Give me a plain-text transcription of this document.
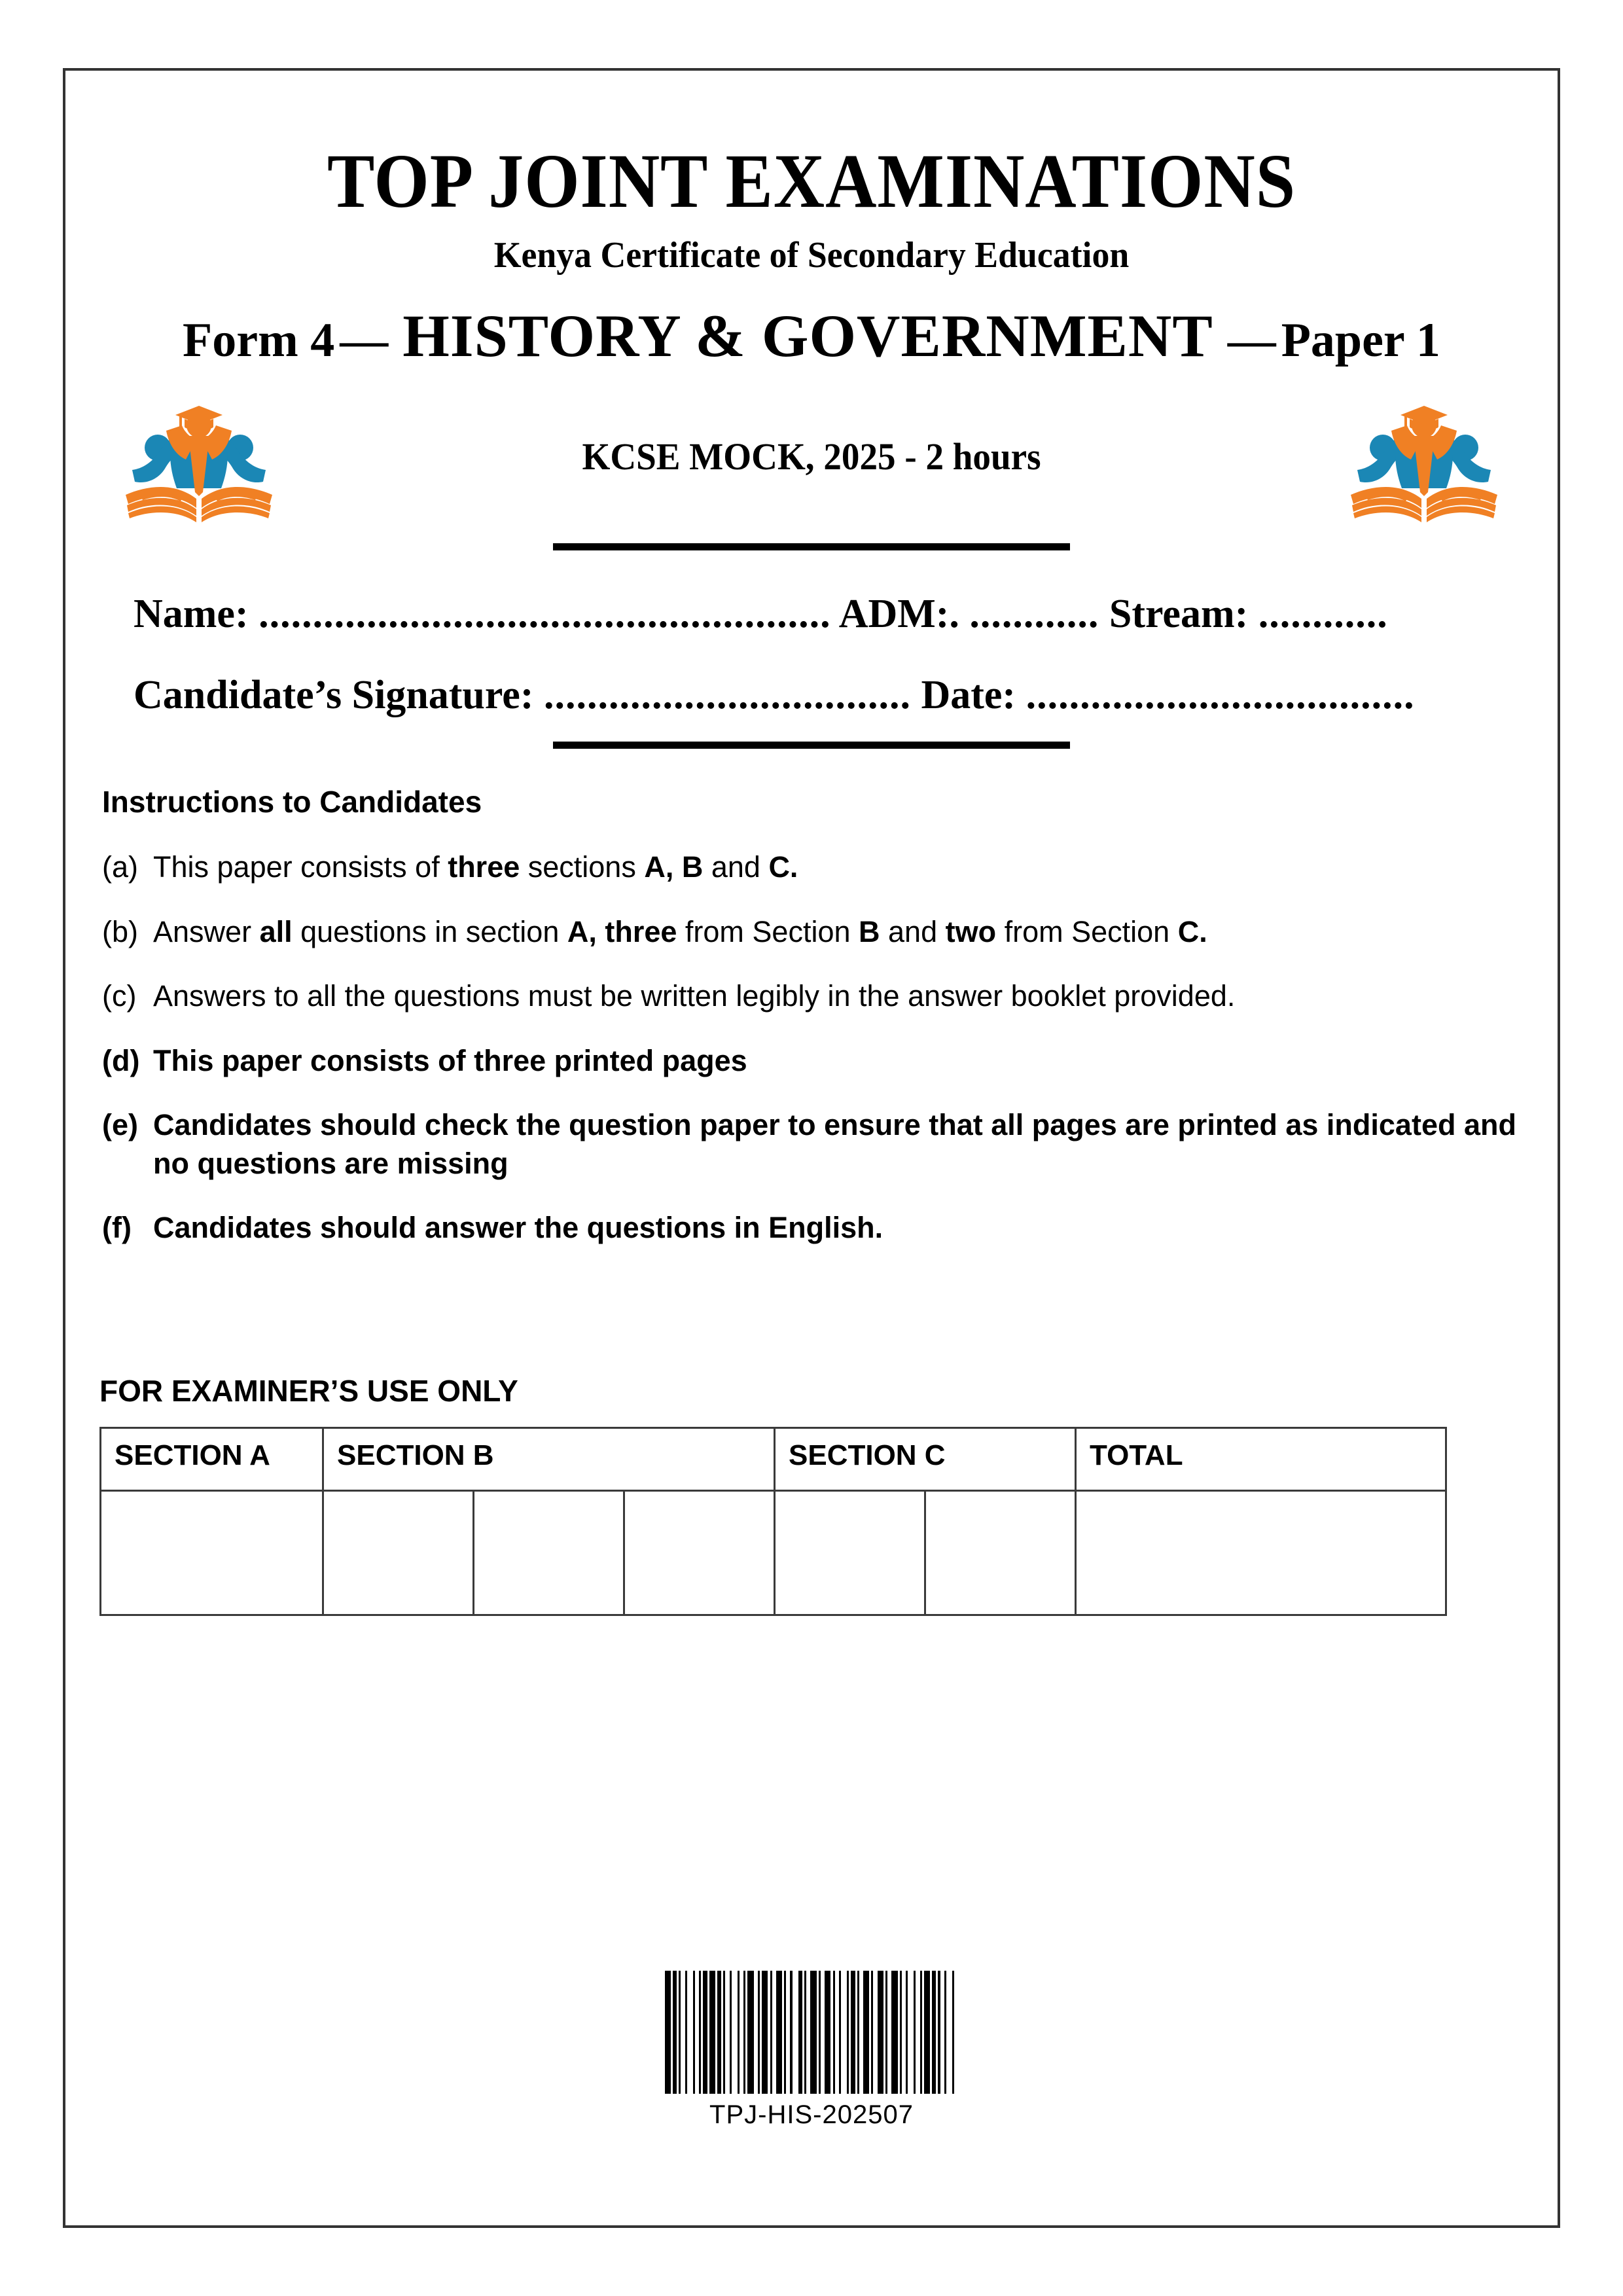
TOP JOINT EXAMINATIONS
Kenya Certificate of Secondary Education
Form 4 — HISTORY & GOVERNMENT — Paper 1
KCSE MOCK, 2025 - 2 hours
Name: ..................................................... ADM:. ............ Stream: ............
Candidate’s Signature: .................................. Date: ....................................
Instructions to Candidates
(a) This paper consists of three sections A, B and C.
(b) Answer all questions in section A, three from Section B and two from Section C.
(c) Answers to all the questions must be written legibly in the answer booklet provided.
(d) This paper consists of three printed pages
(e) Candidates should check the question paper to ensure that all pages are printed as indicated and no questions are missing
(f) Candidates should answer the questions in English.
FOR EXAMINER’S USE ONLY
SECTION A	SECTION B			SECTION C		TOTAL

TPJ-HIS-202507
